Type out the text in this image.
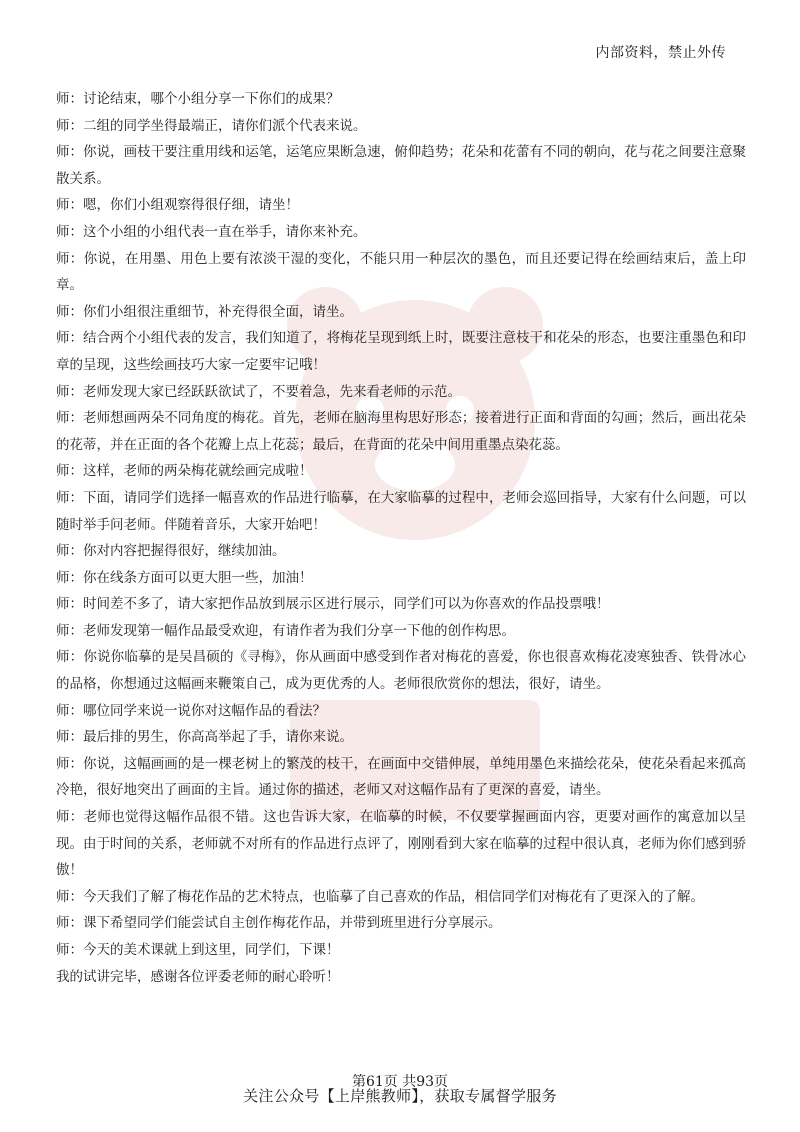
内部资料，禁止外传

师：讨论结束，哪个小组分享一下你们的成果？

师：二组的同学坐得最端正，请你们派个代表来说。

师：你说，画枝干要注重用线和运笔，运笔应果断急速，俯仰趋势；花朵和花蕾有不同的朝向，花与花之间要注意聚散关系。

师：嗯，你们小组观察得很仔细，请坐！

师：这个小组的小组代表一直在举手，请你来补充。

师：你说，在用墨、用色上要有浓淡干湿的变化，不能只用一种层次的墨色，而且还要记得在绘画结束后，盖上印章。

师：你们小组很注重细节，补充得很全面，请坐。

师：结合两个小组代表的发言，我们知道了，将梅花呈现到纸上时，既要注意枝干和花朵的形态，也要注重墨色和印章的呈现，这些绘画技巧大家一定要牢记哦！

师：老师发现大家已经跃跃欲试了，不要着急，先来看老师的示范。

师：老师想画两朵不同角度的梅花。首先，老师在脑海里构思好形态；接着进行正面和背面的勾画；然后，画出花朵的花蒂，并在正面的各个花瓣上点上花蕊；最后，在背面的花朵中间用重墨点染花蕊。

师：这样，老师的两朵梅花就绘画完成啦！

师：下面，请同学们选择一幅喜欢的作品进行临摹，在大家临摹的过程中，老师会巡回指导，大家有什么问题，可以随时举手问老师。伴随着音乐，大家开始吧！

师：你对内容把握得很好，继续加油。

师：你在线条方面可以更大胆一些，加油！

师：时间差不多了，请大家把作品放到展示区进行展示，同学们可以为你喜欢的作品投票哦！

师：老师发现第一幅作品最受欢迎，有请作者为我们分享一下他的创作构思。

师：你说你临摹的是吴昌硕的《寻梅》，你从画面中感受到作者对梅花的喜爱，你也很喜欢梅花凌寒独香、铁骨冰心的品格，你想通过这幅画来鞭策自己，成为更优秀的人。老师很欣赏你的想法，很好，请坐。

师：哪位同学来说一说你对这幅作品的看法？

师：最后排的男生，你高高举起了手，请你来说。

师：你说，这幅画画的是一棵老树上的繁茂的枝干，在画面中交错伸展，单纯用墨色来描绘花朵，使花朵看起来孤高冷艳，很好地突出了画面的主旨。通过你的描述，老师又对这幅作品有了更深的喜爱，请坐。

师：老师也觉得这幅作品很不错。这也告诉大家，在临摹的时候，不仅要掌握画面内容，更要对画作的寓意加以呈现。由于时间的关系，老师就不对所有的作品进行点评了，刚刚看到大家在临摹的过程中很认真，老师为你们感到骄傲！

师：今天我们了解了梅花作品的艺术特点，也临摹了自己喜欢的作品，相信同学们对梅花有了更深入的了解。

师：课下希望同学们能尝试自主创作梅花作品，并带到班里进行分享展示。

师：今天的美术课就上到这里，同学们，下课！

我的试讲完毕，感谢各位评委老师的耐心聆听！

第61页 共93页
关注公众号【上岸熊教师】，获取专属督学服务
